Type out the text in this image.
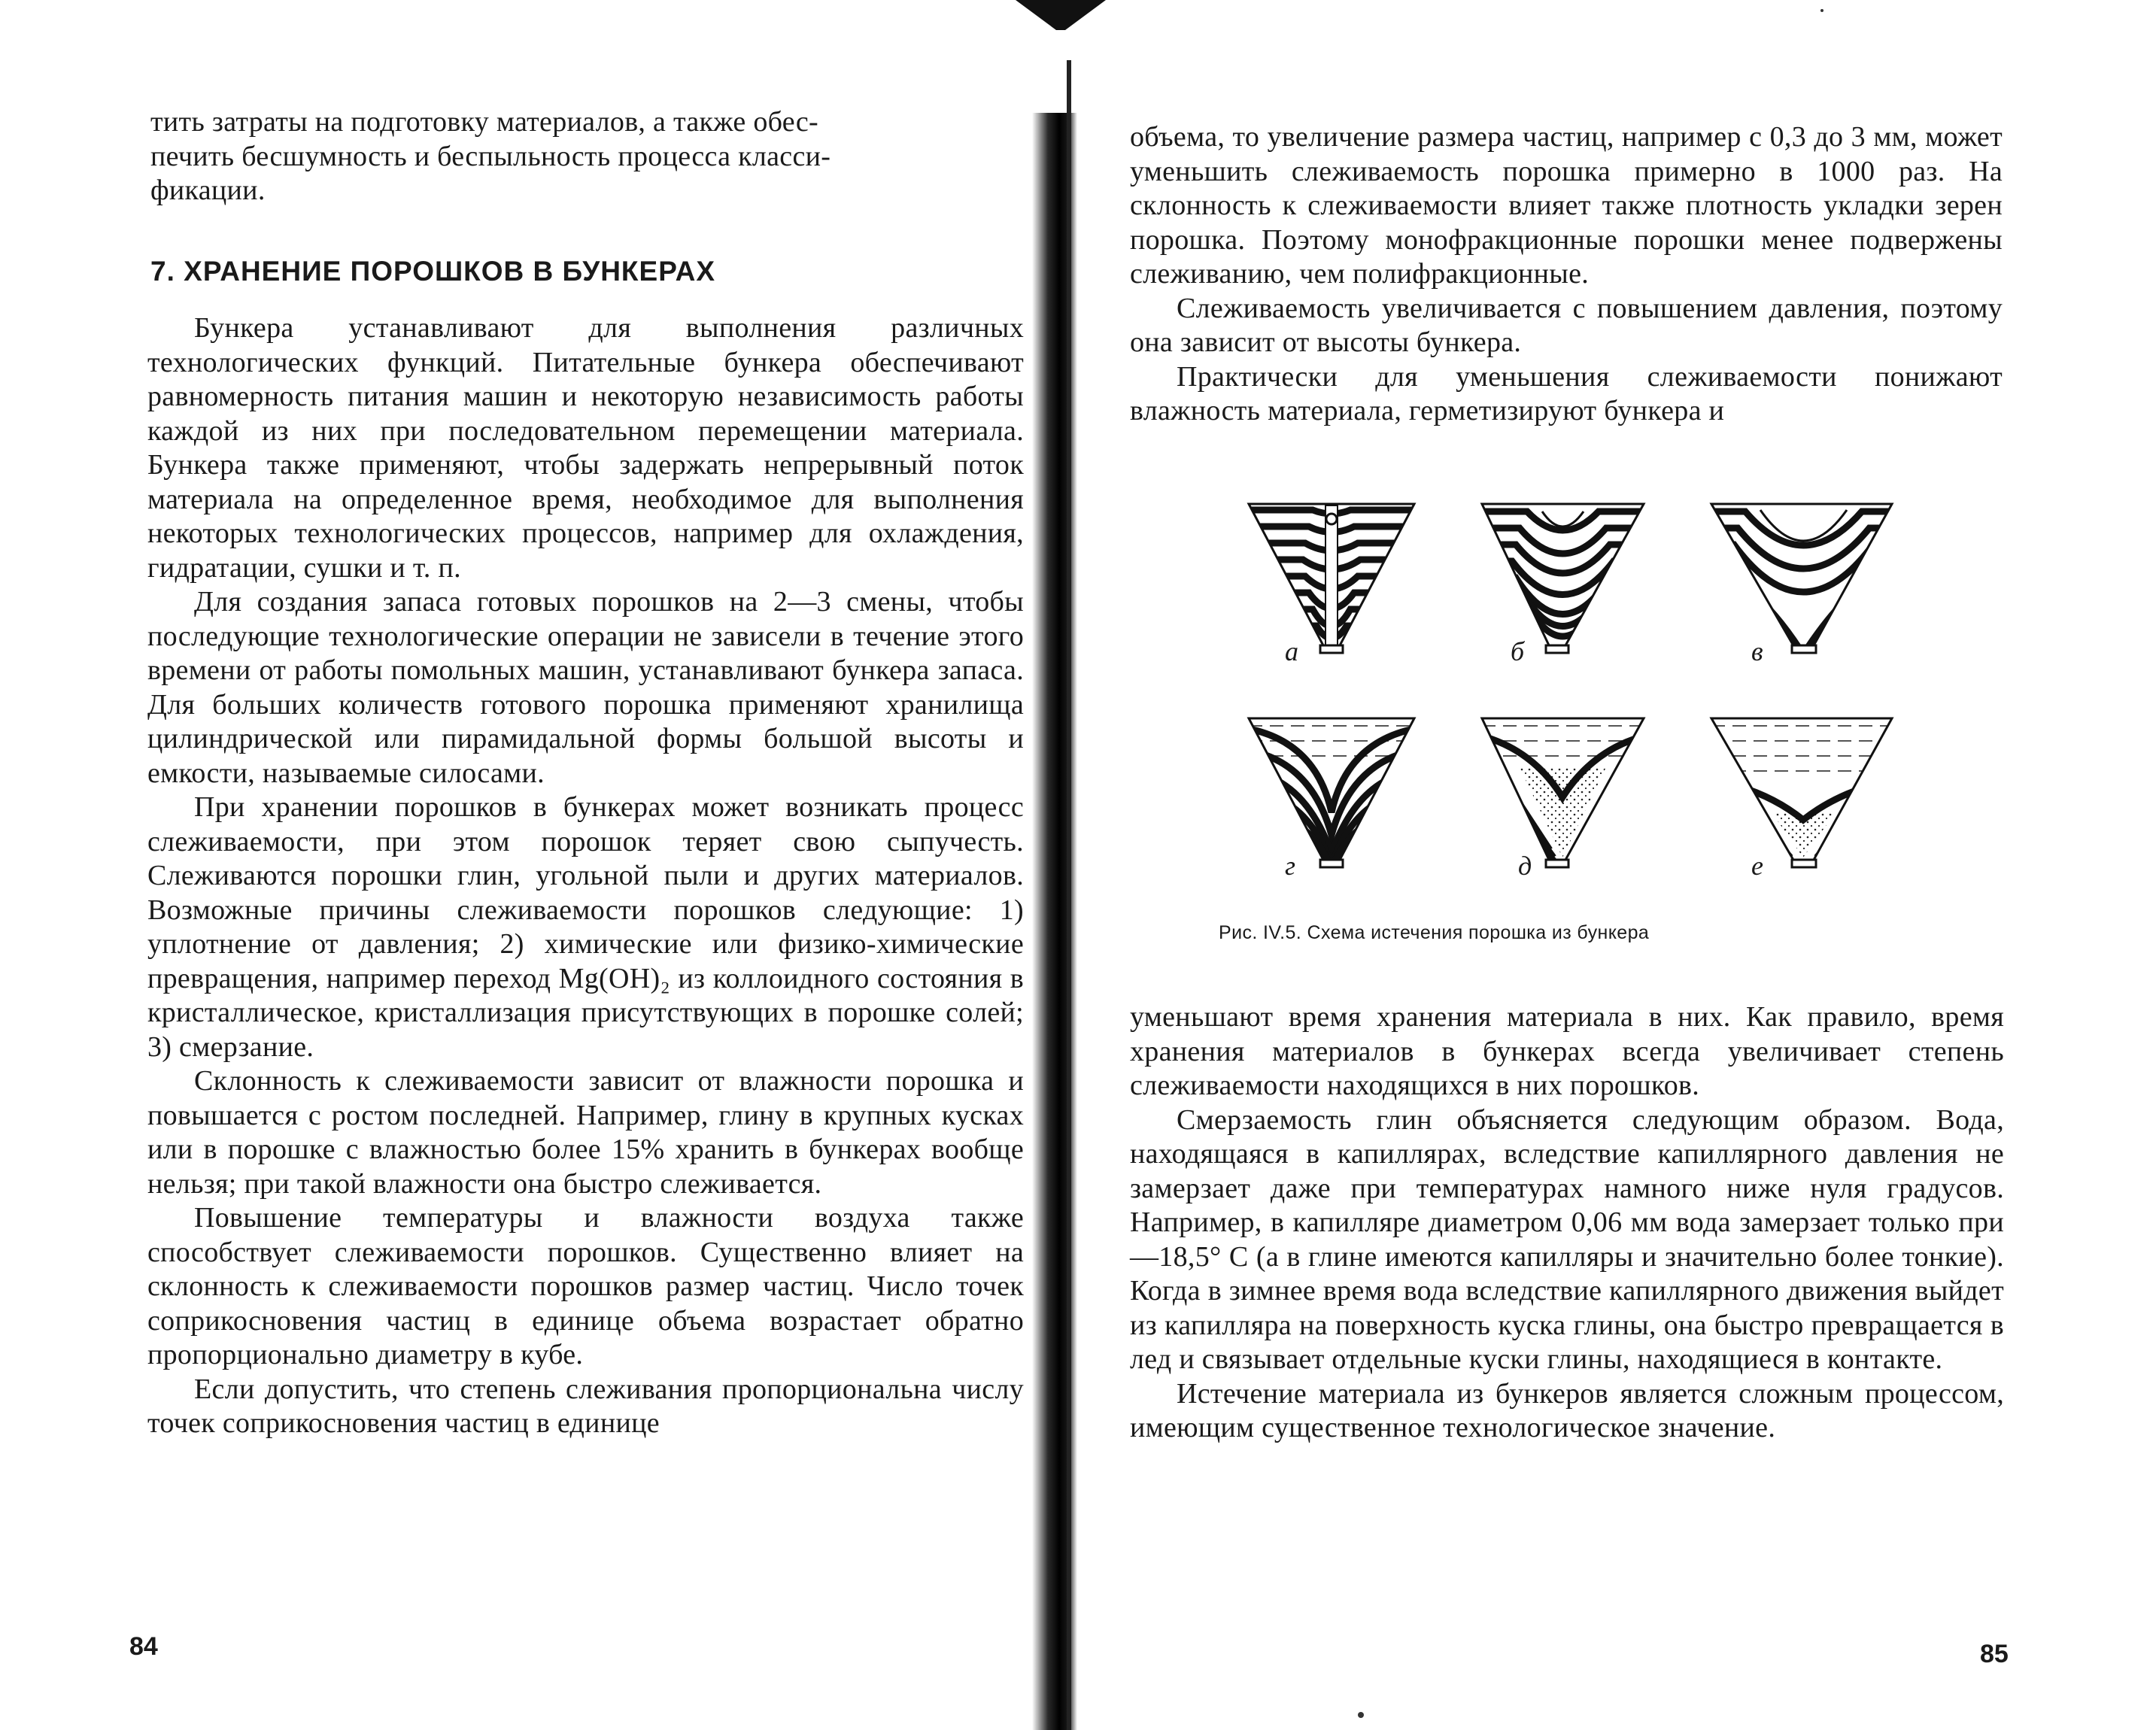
тить затраты на подготовку материалов, а также обес-

печить бесшумность и беспыльность процесса класси-

фикации.

7. ХРАНЕНИЕ ПОРОШКОВ В БУНКЕРАХ

Бункера устанавливают для выполнения различных технологических функций. Питательные бункера обеспечивают равномерность питания машин и некоторую независимость работы каждой из них при последовательном перемещении материала. Бункера также применяют, чтобы задержать непрерывный поток материала на определенное время, необходимое для выполнения некоторых технологических процессов, например для охлаждения, гидратации, сушки и т. п.

Для создания запаса готовых порошков на 2—3 смены, чтобы последующие технологические операции не зависели в течение этого времени от работы помольных машин, устанавливают бункера запаса. Для больших количеств готового порошка применяют хранилища цилиндрической или пирамидальной формы большой высоты и емкости, называемые силосами.

При хранении порошков в бункерах может возникать процесс слеживаемости, при этом порошок теряет свою сыпучесть. Слеживаются порошки глин, угольной пыли и других материалов. Возможные причины слеживаемости порошков следующие: 1) уплотнение от давления; 2) химические или физико-химические превращения, например переход Mg(OH)₂ из коллоидного состояния в кристаллическое, кристаллизация присутствующих в порошке солей; 3) смерзание.

Склонность к слеживаемости зависит от влажности порошка и повышается с ростом последней. Например, глину в крупных кусках или в порошке с влажностью более 15% хранить в бункерах вообще нельзя; при такой влажности она быстро слеживается.

Повышение температуры и влажности воздуха также способствует слеживаемости порошков. Существенно влияет на склонность к слеживаемости порошков размер частиц. Число точек соприкосновения частиц в единице объема возрастает обратно пропорционально диаметру в кубе.

Если допустить, что степень слеживания пропорциональна числу точек соприкосновения частиц в единице

84

объема, то увеличение размера частиц, например с 0,3 до 3 мм, может уменьшить слеживаемость порошка примерно в 1000 раз. На склонность к слеживаемости влияет также плотность укладки зерен порошка. Поэтому монофракционные порошки менее подвержены слеживанию, чем полифракционные.

Слеживаемость увеличивается с повышением давления, поэтому она зависит от высоты бункера.

Практически для уменьшения слеживаемости понижают влажность материала, герметизируют бункера и

а	б	в
г	д	е
Рис. IV.5. Схема истечения порошка из бункера

уменьшают время хранения материала в них. Как правило, время хранения материалов в бункерах всегда увеличивает степень слеживаемости находящихся в них порошков.

Смерзаемость глин объясняется следующим образом. Вода, находящаяся в капиллярах, вследствие капиллярного давления не замерзает даже при температурах намного ниже нуля градусов. Например, в капилляре диаметром 0,06 мм вода замерзает только при —18,5° C (а в глине имеются капилляры и значительно более тонкие). Когда в зимнее время вода вследствие капиллярного движения выйдет из капилляра на поверхность куска глины, она быстро превращается в лед и связывает отдельные куски глины, находящиеся в контакте.

Истечение материала из бункеров является сложным процессом, имеющим существенное технологическое значение.

85
